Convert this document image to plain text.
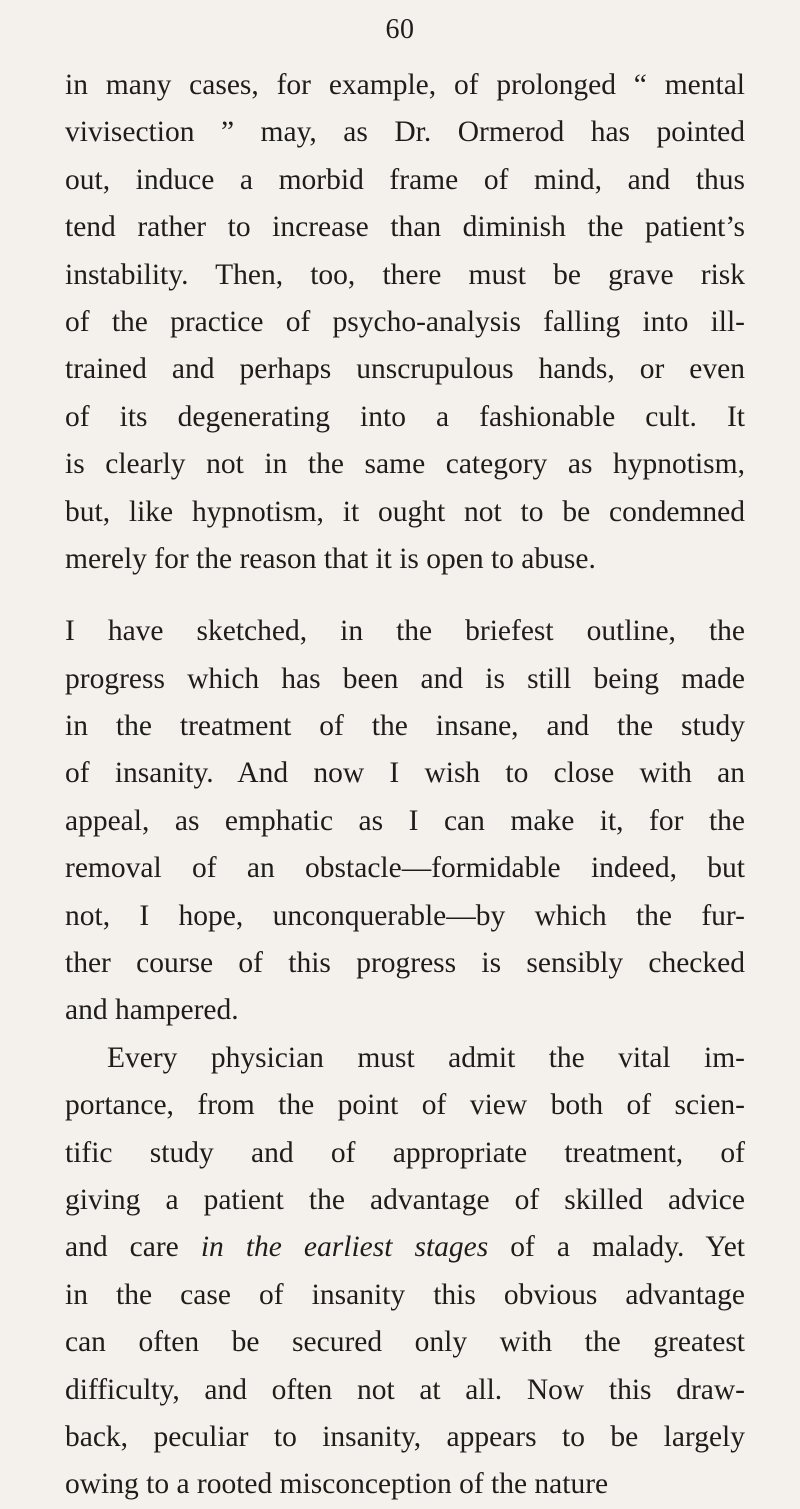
60
in many cases, for example, of prolonged “ mental
vivisection ” may, as Dr. Ormerod has pointed
out, induce a morbid frame of mind, and thus
tend rather to increase than diminish the patient’s
instability. Then, too, there must be grave risk
of the practice of psycho-analysis falling into ill-
trained and perhaps unscrupulous hands, or even
of its degenerating into a fashionable cult. It
is clearly not in the same category as hypnotism,
but, like hypnotism, it ought not to be condemned
merely for the reason that it is open to abuse.
I have sketched, in the briefest outline, the
progress which has been and is still being made
in the treatment of the insane, and the study
of insanity. And now I wish to close with an
appeal, as emphatic as I can make it, for the
removal of an obstacle—formidable indeed, but
not, I hope, unconquerable—by which the fur-
ther course of this progress is sensibly checked
and hampered.
Every physician must admit the vital im-
portance, from the point of view both of scien-
tific study and of appropriate treatment, of
giving a patient the advantage of skilled advice
and care in the earliest stages of a malady. Yet
in the case of insanity this obvious advantage
can often be secured only with the greatest
difficulty, and often not at all. Now this draw-
back, peculiar to insanity, appears to be largely
owing to a rooted misconception of the nature
